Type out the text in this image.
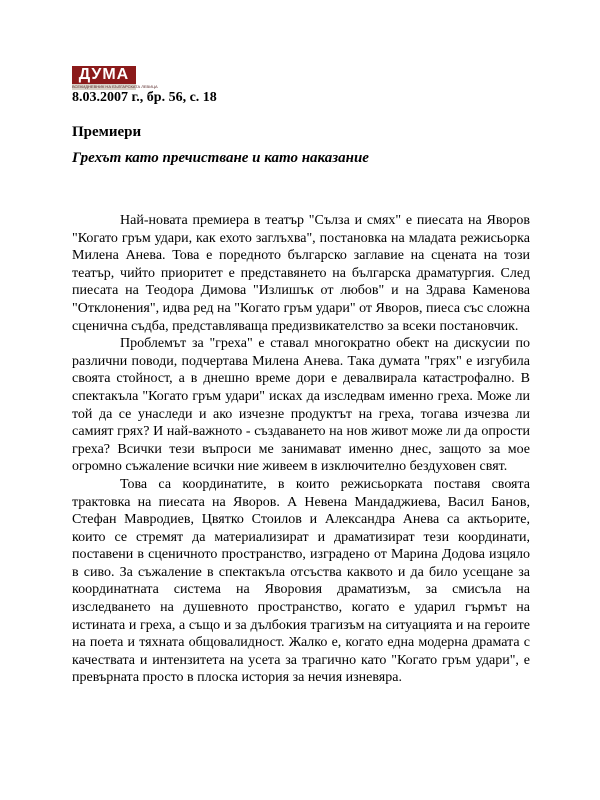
ДУМА
ВСЕКИДНЕВНИК НА БЪЛГАРСКАТА ЛЕВИЦА
8.03.2007 г., бр. 56, с. 18
Премиери
Грехът като пречистване и като наказание

Най-новата премиера в театър "Сълза и смях" е пиесата на Яворов "Когато гръм удари, как ехото заглъхва", постановка на младата режисьорка Милена Анева. Това е поредното българско заглавие на сцената на този театър, чийто приоритет е представянето на българска драматургия. След пиесата на Теодора Димова "Излишък от любов" и на Здрава Каменова "Отклонения", идва ред на "Когато гръм удари" от Яворов, пиеса със сложна сценична съдба, представляваща предизвикателство за всеки постановчик.

Проблемът за "греха" е ставал многократно обект на дискусии по различни поводи, подчертава Милена Анева. Така думата "грях" е изгубила своята стойност, а в днешно време дори е девалвирала катастрофално. В спектакъла "Когато гръм удари" исках да изследвам именно греха. Може ли той да се унаследи и ако изчезне продуктът на греха, тогава изчезва ли самият грях? И най-важното - създаването на нов живот може ли да опрости греха? Всички тези въпроси ме занимават именно днес, защото за мое огромно съжаление всички ние живеем в изключително бездуховен свят.

Това са координатите, в които режисьорката поставя своята трактовка на пиесата на Яворов. А Невена Мандаджиева, Васил Банов, Стефан Мавродиев, Цвятко Стоилов и Александра Анева са актьорите, които се стремят да материализират и драматизират тези координати, поставени в сценичното пространство, изградено от Марина Додова изцяло в сиво. За съжаление в спектакъла отсъства каквото и да било усещане за координатната система на Яворовия драматизъм, за смисъла на изследването на душевното пространство, когато е ударил гърмът на истината и греха, а също и за дълбокия трагизъм на ситуацията и на героите на поета и тяхната общовалидност. Жалко е, когато една модерна драмата с качествата и интензитета на усета за трагично като "Когато гръм удари", е превърната просто в плоска история за нечия изневяра.
